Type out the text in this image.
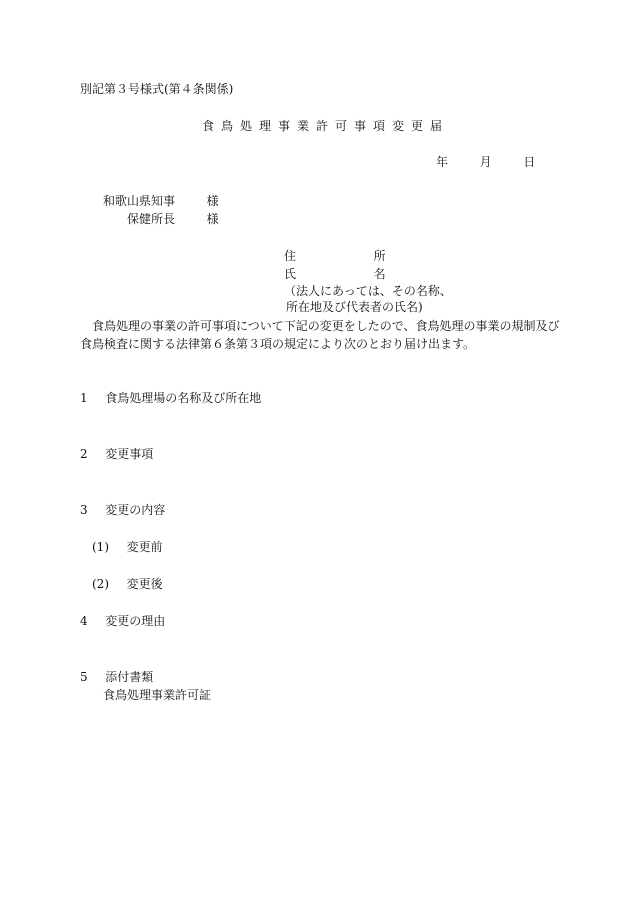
別記第３号様式(第４条関係)
食鳥処理事業許可事項変更届
年	月	日
和歌山県知事	様
保健所長	様
住	所
氏	名
（法人にあっては、その名称、
所在地及び代表者の氏名)
食鳥処理の事業の許可事項について下記の変更をしたので、食鳥処理の事業の規制及び
食鳥検査に関する法律第６条第３項の規定により次のとおり届け出ます。
1 食鳥処理場の名称及び所在地
2 変更事項
3 変更の内容
(1) 変更前
(2) 変更後
4 変更の理由
5 添付書類
食鳥処理事業許可証
